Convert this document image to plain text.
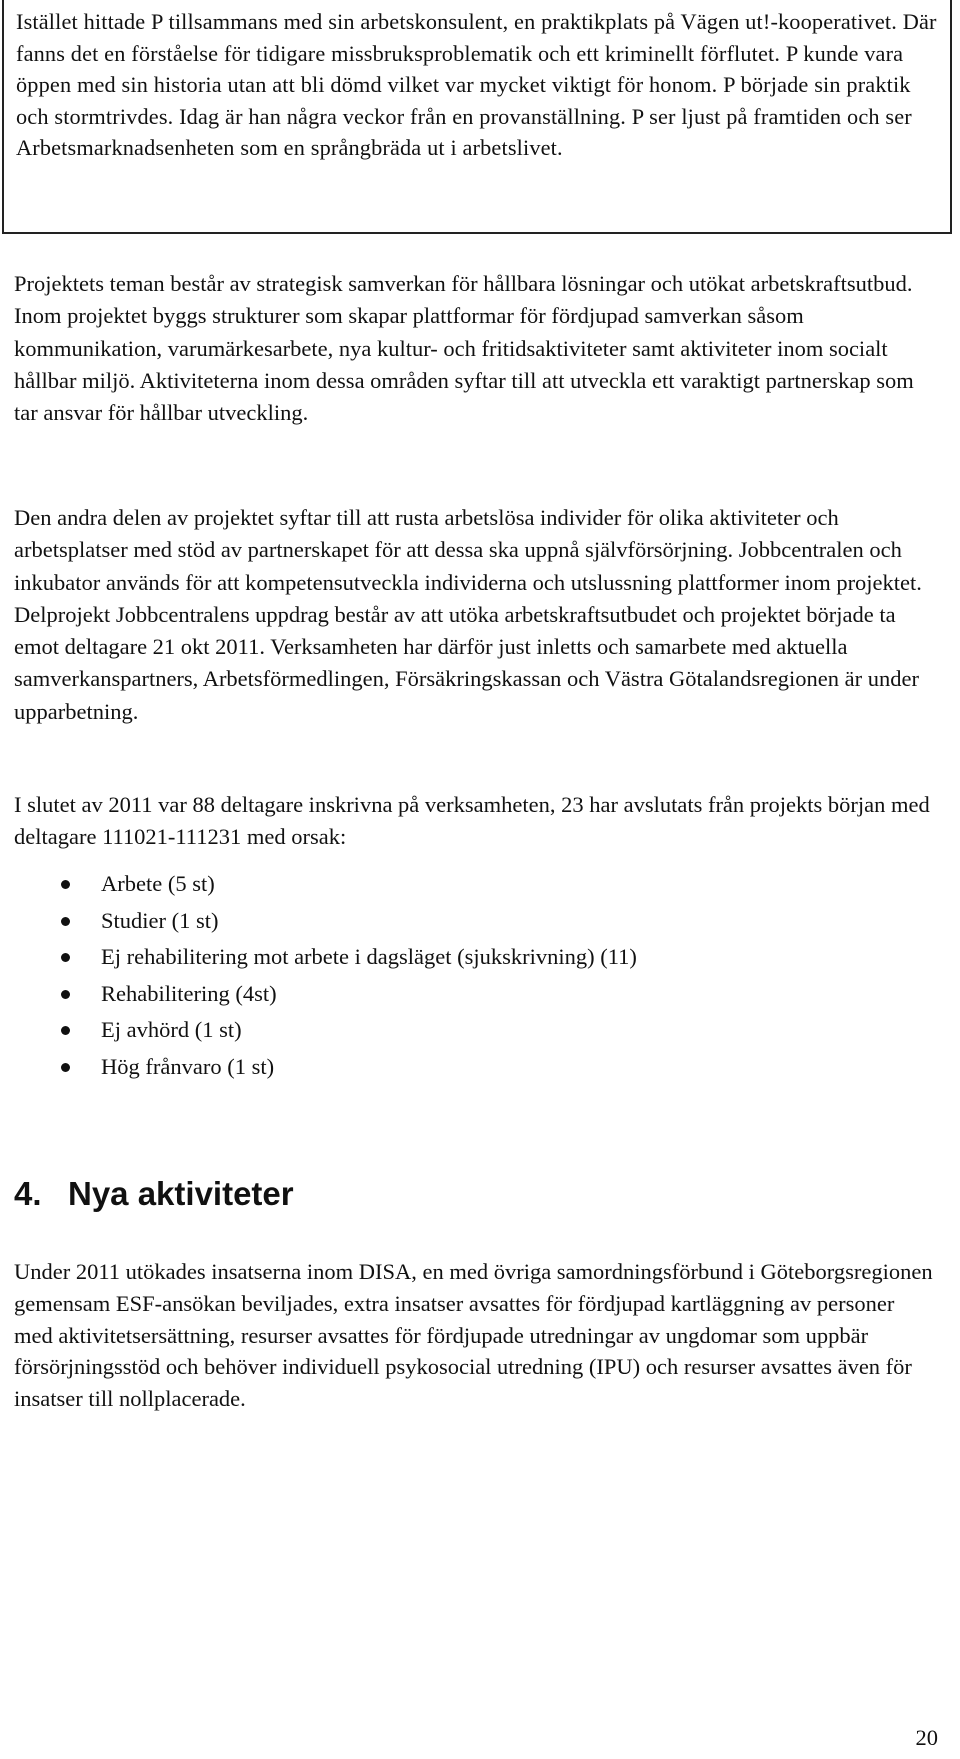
Istället hittade P tillsammans med sin arbetskonsulent, en praktikplats på Vägen ut!-kooperativet. Där fanns det en förståelse för tidigare missbruksproblematik och ett kriminellt förflutet. P kunde vara öppen med sin historia utan att bli dömd vilket var mycket viktigt för honom. P började sin praktik och stormtrivdes. Idag är han några veckor från en provanställning. P ser ljust på framtiden och ser Arbetsmarknadsenheten som en språngbräda ut i arbetslivet.

Projektets teman består av strategisk samverkan för hållbara lösningar och utökat arbetskraftsutbud. Inom projektet byggs strukturer som skapar plattformar för fördjupad samverkan såsom kommunikation, varumärkesarbete, nya kultur- och fritidsaktiviteter samt aktiviteter inom socialt hållbar miljö. Aktiviteterna inom dessa områden syftar till att utveckla ett varaktigt partnerskap som tar ansvar för hållbar utveckling.

Den andra delen av projektet syftar till att rusta arbetslösa individer för olika aktiviteter och arbetsplatser med stöd av partnerskapet för att dessa ska uppnå självförsörjning. Jobbcentralen och inkubator används för att kompetensutveckla individerna och utslussning plattformer inom projektet. Delprojekt Jobbcentralens uppdrag består av att utöka arbetskraftsutbudet och projektet började ta emot deltagare 21 okt 2011. Verksamheten har därför just inletts och samarbete med aktuella samverkanspartners, Arbetsförmedlingen, Försäkringskassan och Västra Götalandsregionen är under upparbetning.

I slutet av 2011 var 88 deltagare inskrivna på verksamheten, 23 har avslutats från projekts början med deltagare 111021-111231 med orsak:

Arbete (5 st)
Studier (1 st)
Ej rehabilitering mot arbete i dagsläget (sjukskrivning) (11)
Rehabilitering (4st)
Ej avhörd (1 st)
Hög frånvaro (1 st)
4. Nya aktiviteter

Under 2011 utökades insatserna inom DISA, en med övriga samordningsförbund i Göteborgsregionen gemensam ESF-ansökan beviljades, extra insatser avsattes för fördjupad kartläggning av personer med aktivitetsersättning, resurser avsattes för fördjupade utredningar av ungdomar som uppbär försörjningsstöd och behöver individuell psykosocial utredning (IPU) och resurser avsattes även för insatser till nollplacerade.

20
